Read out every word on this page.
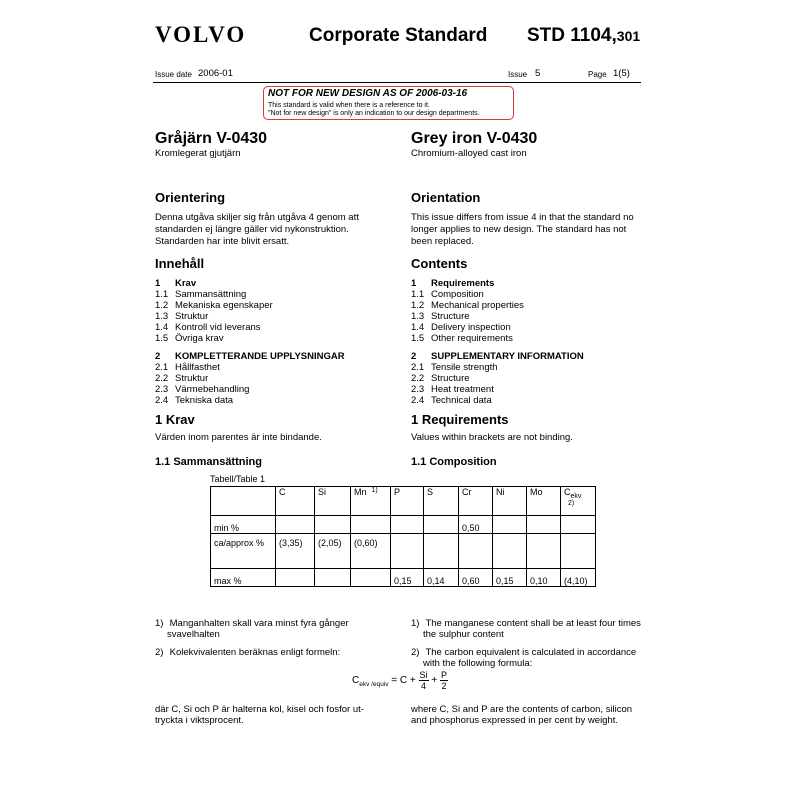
VOLVO	Corporate Standard STD 1104,301
Issue date 2006-01	Issue 5	Page 1(5)
NOT FOR NEW DESIGN AS OF 2006-03-16
This standard is valid when there is a reference to it.
"Not for new design" is only an indication to our design departments.
Gråjärn V-0430
Kromlegerat gjutjärn
Grey iron V-0430
Chromium-alloyed cast iron
Orientering
Denna utgåva skiljer sig från utgåva 4 genom att
standarden ej längre gäller vid nykonstruktion.
Standarden har inte blivit ersatt.
Orientation
This issue differs from issue 4 in that the standard no
longer applies to new design. The standard has not
been replaced.
Innehåll
1 Krav
1.1 Sammansättning
1.2 Mekaniska egenskaper
1.3 Struktur
1.4 Kontroll vid leverans
1.5 Övriga krav
2 KOMPLETTERANDE UPPLYSNINGAR
2.1 Hållfasthet
2.2 Struktur
2.3 Värmebehandling
2.4 Tekniska data
Contents
1 Requirements
1.1 Composition
1.2 Mechanical properties
1.3 Structure
1.4 Delivery inspection
1.5 Other requirements
2 SUPPLEMENTARY INFORMATION
2.1 Tensile strength
2.2 Structure
2.3 Heat treatment
2.4 Technical data
1 Krav
Värden inom parentes är inte bindande.
1 Requirements
Values within brackets are not binding.
1.1 Sammansättning	1.1 Composition
Tabell/Table 1
	C	Si	Mn $^{1)}$	P	S	Cr	Ni	Mo	$C_{ekv}$
$^{2)}$
min %						0,50			
ca/approx %	(3,35)	(2,05)	(0,60)						
max %				0,15	0,14	0,60	0,15	0,10	(4,10)
1) Manganhalten skall vara minst fyra gånger
svavelhalten
1) The manganese content shall be at least four times
the sulphur content
2) Kolekvivalenten beräknas enligt formeln:	2) The carbon equivalent is calculated in accordance
with the following formula:
$C_{ekv /equiv} = C + \frac{Si}{4} + \frac{P}{2}$
där C, Si och P är halterna kol, kisel och fosfor ut-
tryckta i viktsprocent.
where C, Si and P are the contents of carbon, silicon
and phosphorus expressed in per cent by weight.
